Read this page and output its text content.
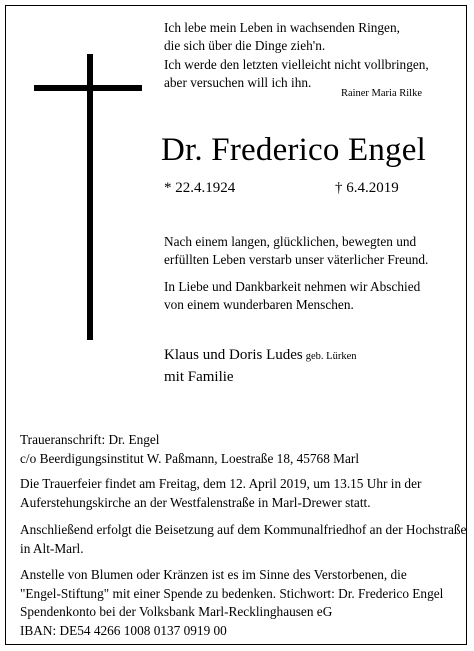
Ich lebe mein Leben in wachsenden Ringen,
die sich über die Dinge zieh'n.
Ich werde den letzten vielleicht nicht vollbringen,
aber versuchen will ich ihn.
Rainer Maria Rilke
Dr. Frederico Engel
* 22.4.1924	† 6.4.2019
Nach einem langen, glücklichen, bewegten und
erfüllten Leben verstarb unser väterlicher Freund.
In Liebe und Dankbarkeit nehmen wir Abschied
von einem wunderbaren Menschen.
Klaus und Doris Ludes geb. Lürken
mit Familie
Traueranschrift: Dr. Engel
c/o Beerdigungsinstitut W. Paßmann, Loestraße 18, 45768 Marl
Die Trauerfeier findet am Freitag, dem 12. April 2019, um 13.15 Uhr in der
Auferstehungskirche an der Westfalenstraße in Marl-Drewer statt.
Anschließend erfolgt die Beisetzung auf dem Kommunalfriedhof an der Hochstraße
in Alt-Marl.
Anstelle von Blumen oder Kränzen ist es im Sinne des Verstorbenen, die
"Engel-Stiftung" mit einer Spende zu bedenken. Stichwort: Dr. Frederico Engel
Spendenkonto bei der Volksbank Marl-Recklinghausen eG
IBAN: DE54 4266 1008 0137 0919 00
